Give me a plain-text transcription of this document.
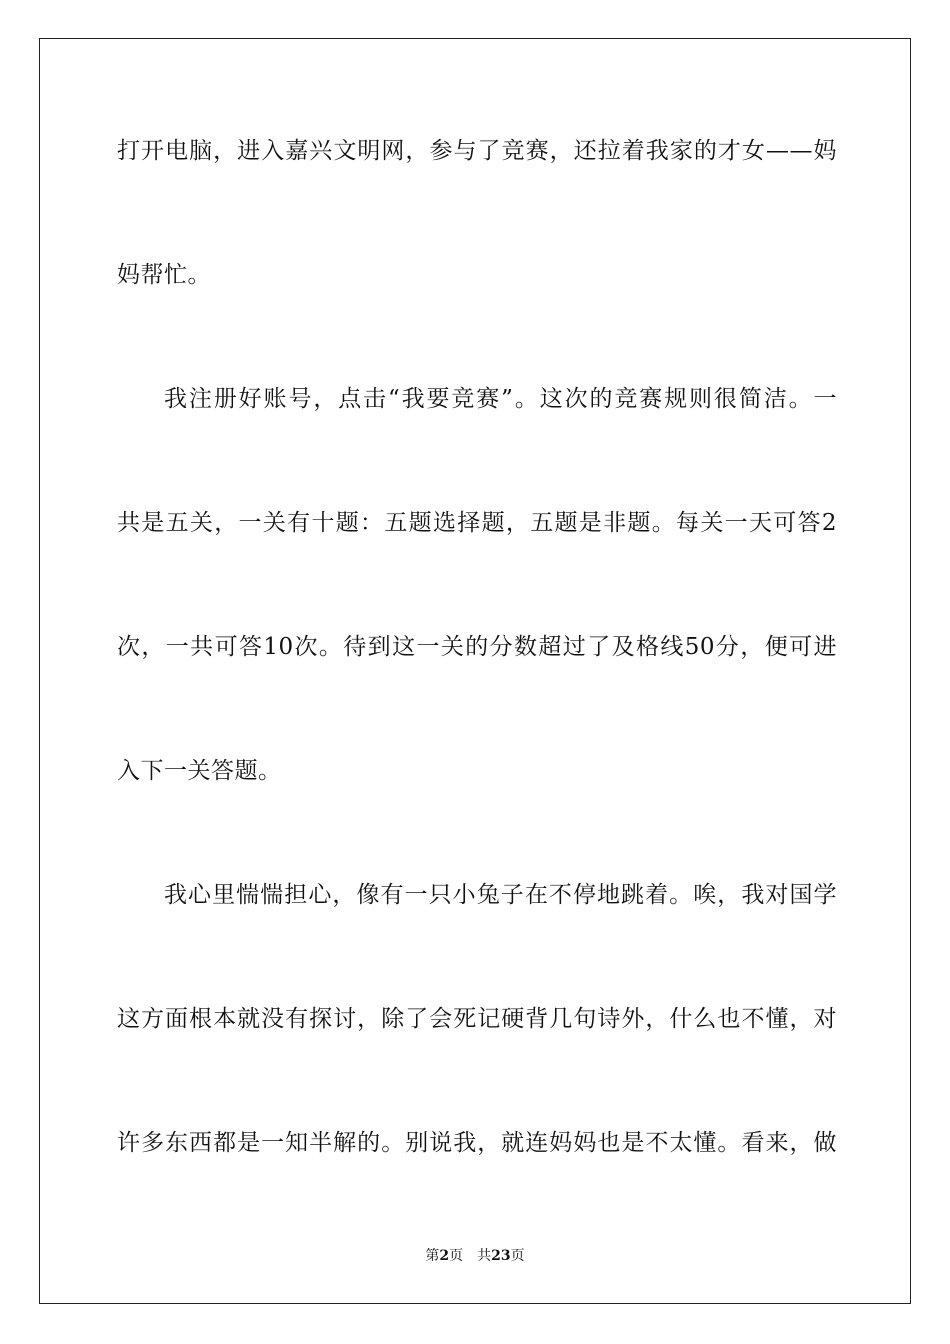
打开电脑，进入嘉兴文明网，参与了竞赛，还拉着我家的才女——妈
妈帮忙。
我注册好账号，点击“我要竞赛”。这次的竞赛规则很简洁。一
共是五关，一关有十题：五题选择题，五题是非题。每关一天可答2
次，一共可答10次。待到这一关的分数超过了及格线50分，便可进
入下一关答题。
我心里惴惴担心，像有一只小兔子在不停地跳着。唉，我对国学
这方面根本就没有探讨，除了会死记硬背几句诗外，什么也不懂，对
许多东西都是一知半解的。别说我，就连妈妈也是不太懂。看来，做
第2页 共23页
